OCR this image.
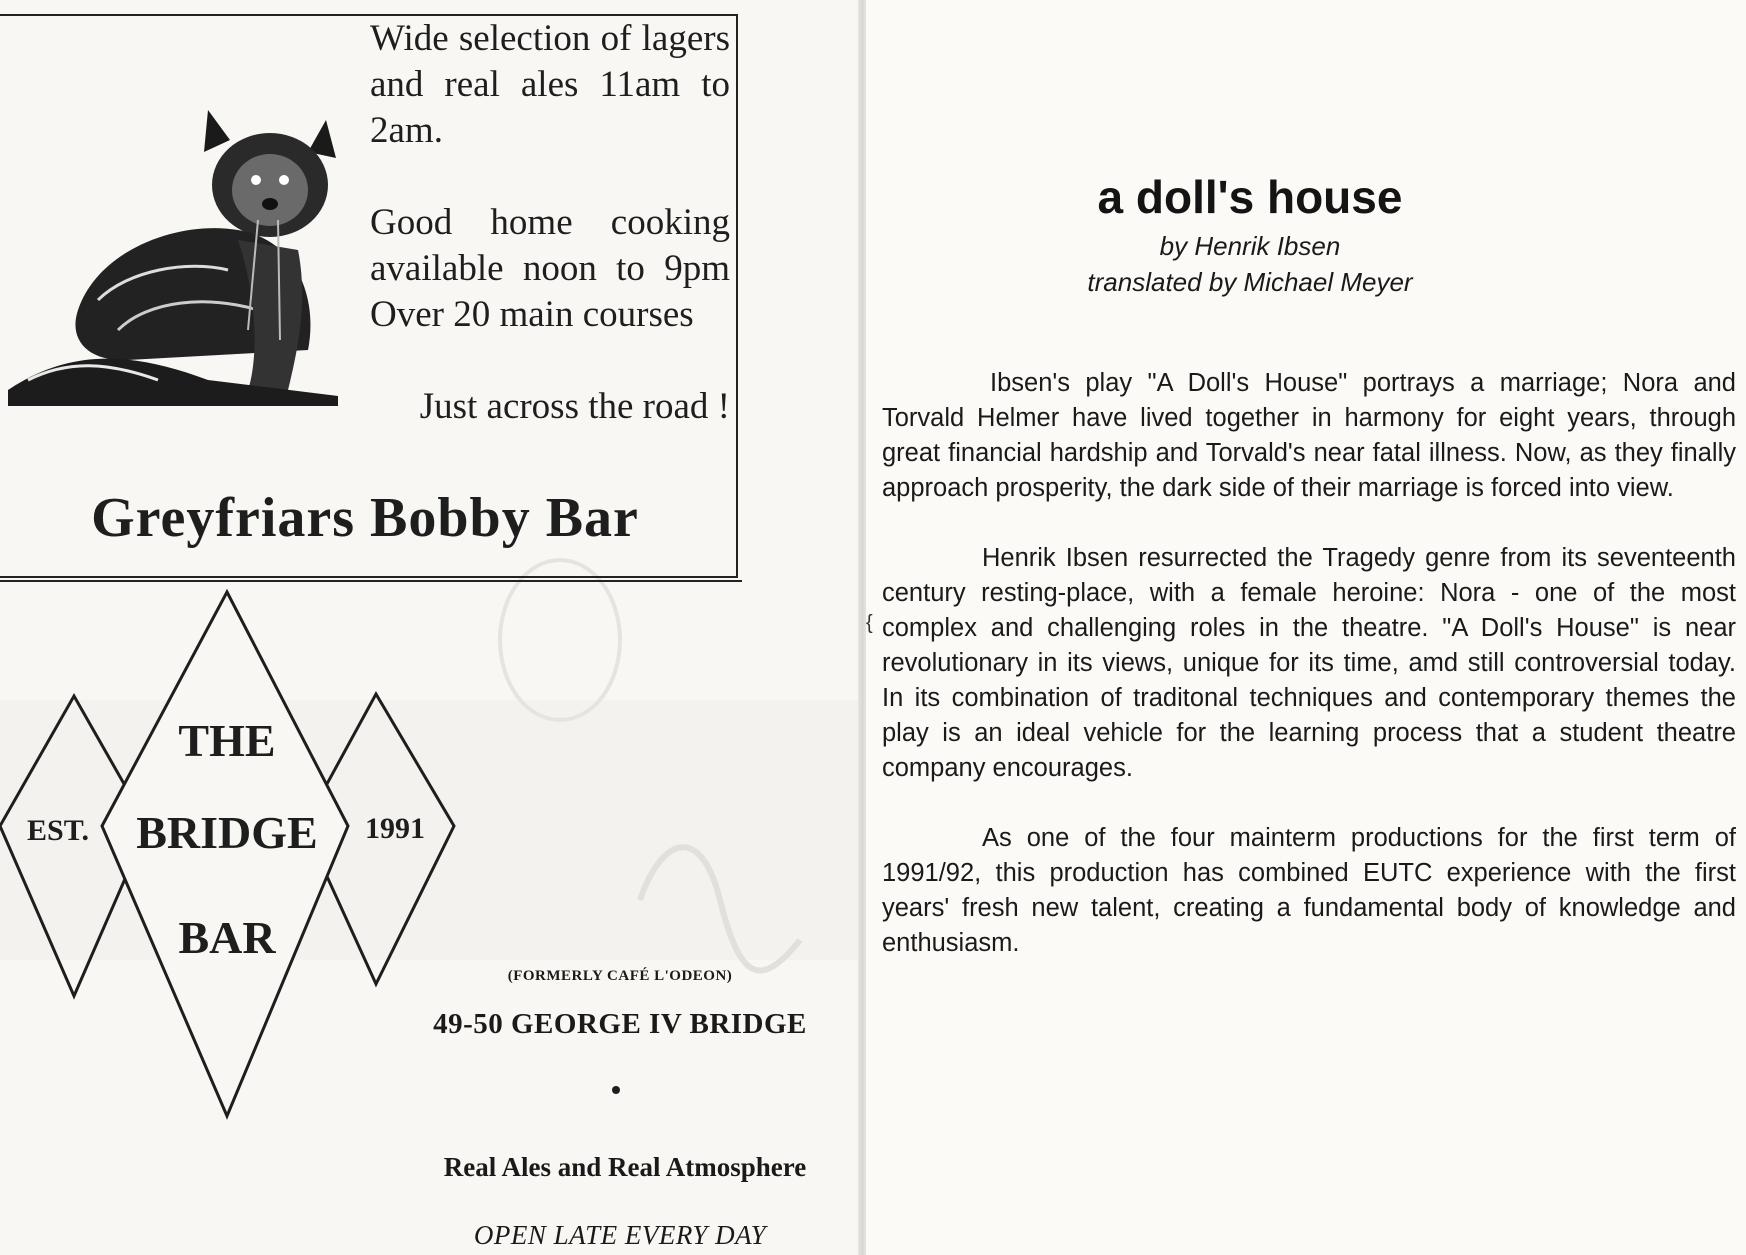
Wide selection of lagers and real ales 11am to 2am.

Good home cooking available noon to 9pm Over 20 main courses

Just across the road !

Greyfriars Bobby Bar
THE
BRIDGE
BAR
EST.	1991
(FORMERLY CAFÉ L'ODEON)
49-50 GEORGE IV BRIDGE
Real Ales and Real Atmosphere
OPEN LATE EVERY DAY
{
a doll's house
by Henrik Ibsen
translated by Michael Meyer

Ibsen's play "A Doll's House" portrays a marriage; Nora and Torvald Helmer have lived together in harmony for eight years, through great financial hardship and Torvald's near fatal illness. Now, as they finally approach prosperity, the dark side of their marriage is forced into view.

Henrik Ibsen resurrected the Tragedy genre from its seventeenth century resting-place, with a female heroine: Nora - one of the most complex and challenging roles in the theatre. "A Doll's House" is near revolutionary in its views, unique for its time, amd still controversial today. In its combination of traditonal techniques and contemporary themes the play is an ideal vehicle for the learning process that a student theatre company encourages.

As one of the four mainterm productions for the first term of 1991/92, this production has combined EUTC experience with the first years' fresh new talent, creating a fundamental body of knowledge and enthusiasm.
